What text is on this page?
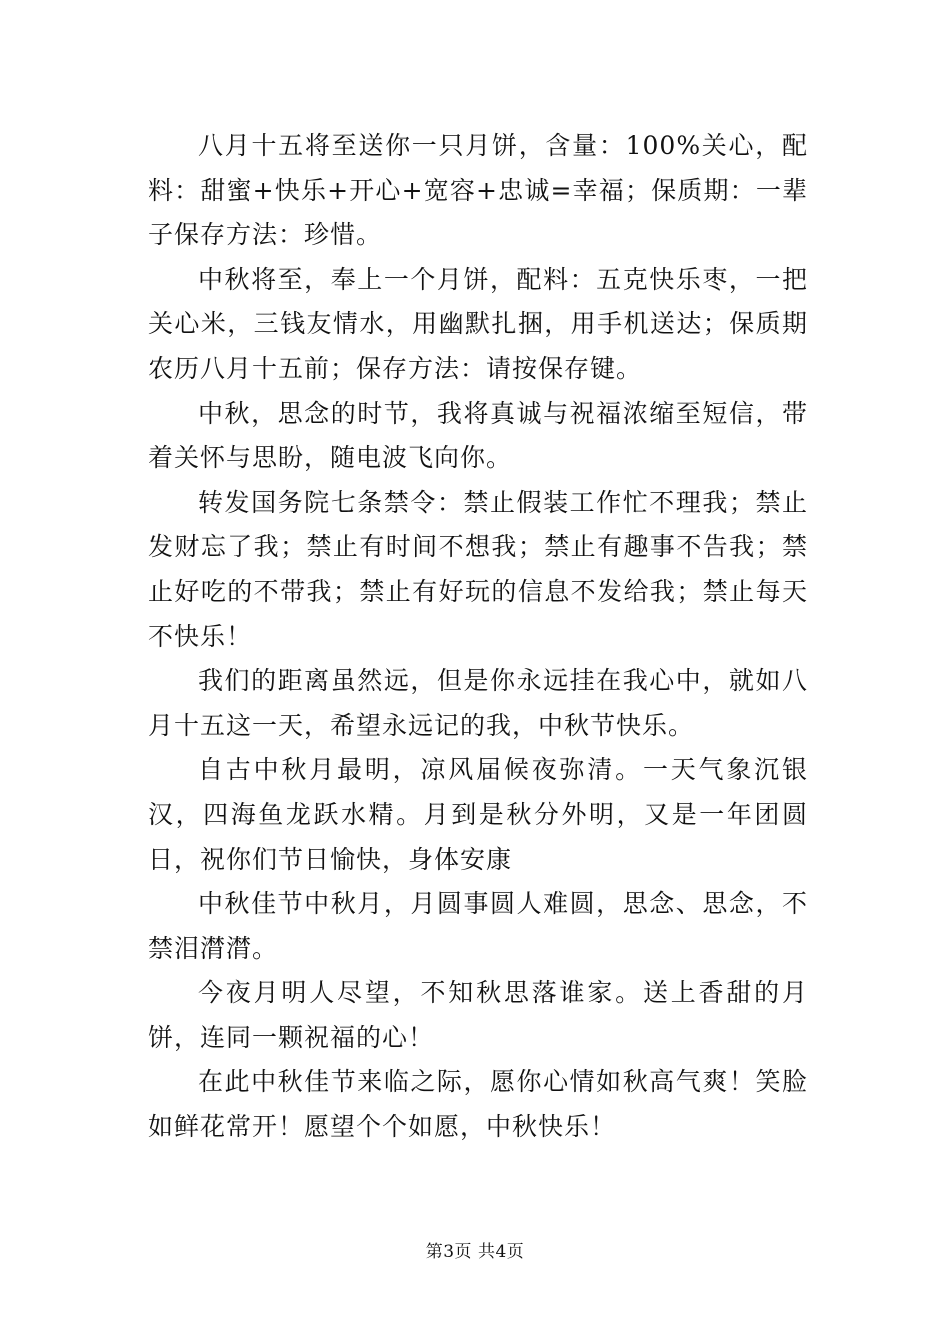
八月十五将至送你一只月饼，含量：100%关心，配料：甜蜜+快乐+开心+宽容+忠诚=幸福；保质期：一辈子保存方法：珍惜。

中秋将至，奉上一个月饼，配料：五克快乐枣，一把关心米，三钱友情水，用幽默扎捆，用手机送达；保质期农历八月十五前；保存方法：请按保存键。

中秋，思念的时节，我将真诚与祝福浓缩至短信，带着关怀与思盼，随电波飞向你。

转发国务院七条禁令：禁止假装工作忙不理我；禁止发财忘了我；禁止有时间不想我；禁止有趣事不告我；禁止好吃的不带我；禁止有好玩的信息不发给我；禁止每天不快乐！

我们的距离虽然远，但是你永远挂在我心中，就如八月十五这一天，希望永远记的我，中秋节快乐。

自古中秋月最明，凉风届候夜弥清。一天气象沉银汉，四海鱼龙跃水精。月到是秋分外明，又是一年团圆日，祝你们节日愉快，身体安康

中秋佳节中秋月，月圆事圆人难圆，思念、思念，不禁泪潸潸。

今夜月明人尽望，不知秋思落谁家。送上香甜的月饼，连同一颗祝福的心！

在此中秋佳节来临之际，愿你心情如秋高气爽！笑脸如鲜花常开！愿望个个如愿，中秋快乐！

第3页 共4页
